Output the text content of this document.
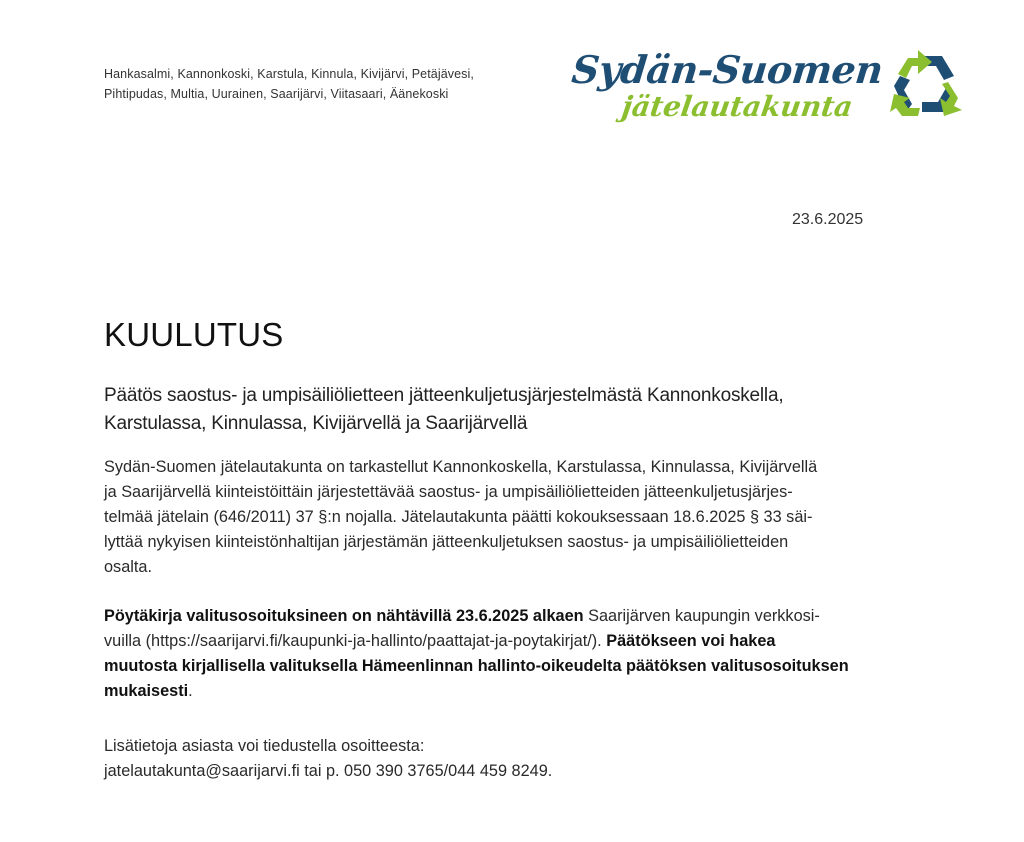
Hankasalmi, Kannonkoski, Karstula, Kinnula, Kivijärvi, Petäjävesi,
Pihtipudas, Multia, Uurainen, Saarijärvi, Viitasaari, Äänekoski
Sydän-Suomen
jätelautakunta
23.6.2025
KUULUTUS
Päätös saostus- ja umpisäiliölietteen jätteenkuljetusjärjestelmästä Kannonkoskella,
Karstulassa, Kinnulassa, Kivijärvellä ja Saarijärvellä
Sydän-Suomen jätelautakunta on tarkastellut Kannonkoskella, Karstulassa, Kinnulassa, Kivijärvellä
ja Saarijärvellä kiinteistöittäin järjestettävää saostus- ja umpisäiliölietteiden jätteenkuljetusjärjes-
telmää jätelain (646/2011) 37 §:n nojalla. Jätelautakunta päätti kokouksessaan 18.6.2025 § 33 säi-
lyttää nykyisen kiinteistönhaltijan järjestämän jätteenkuljetuksen saostus- ja umpisäiliölietteiden
osalta.
Pöytäkirja valitusosoituksineen on nähtävillä 23.6.2025 alkaen Saarijärven kaupungin verkkosi-
vuilla (https://saarijarvi.fi/kaupunki-ja-hallinto/paattajat-ja-poytakirjat/). Päätökseen voi hakea
muutosta kirjallisella valituksella Hämeenlinnan hallinto-oikeudelta päätöksen valitusosoituksen
mukaisesti.
Lisätietoja asiasta voi tiedustella osoitteesta:
jatelautakunta@saarijarvi.fi tai p. 050 390 3765/044 459 8249.
